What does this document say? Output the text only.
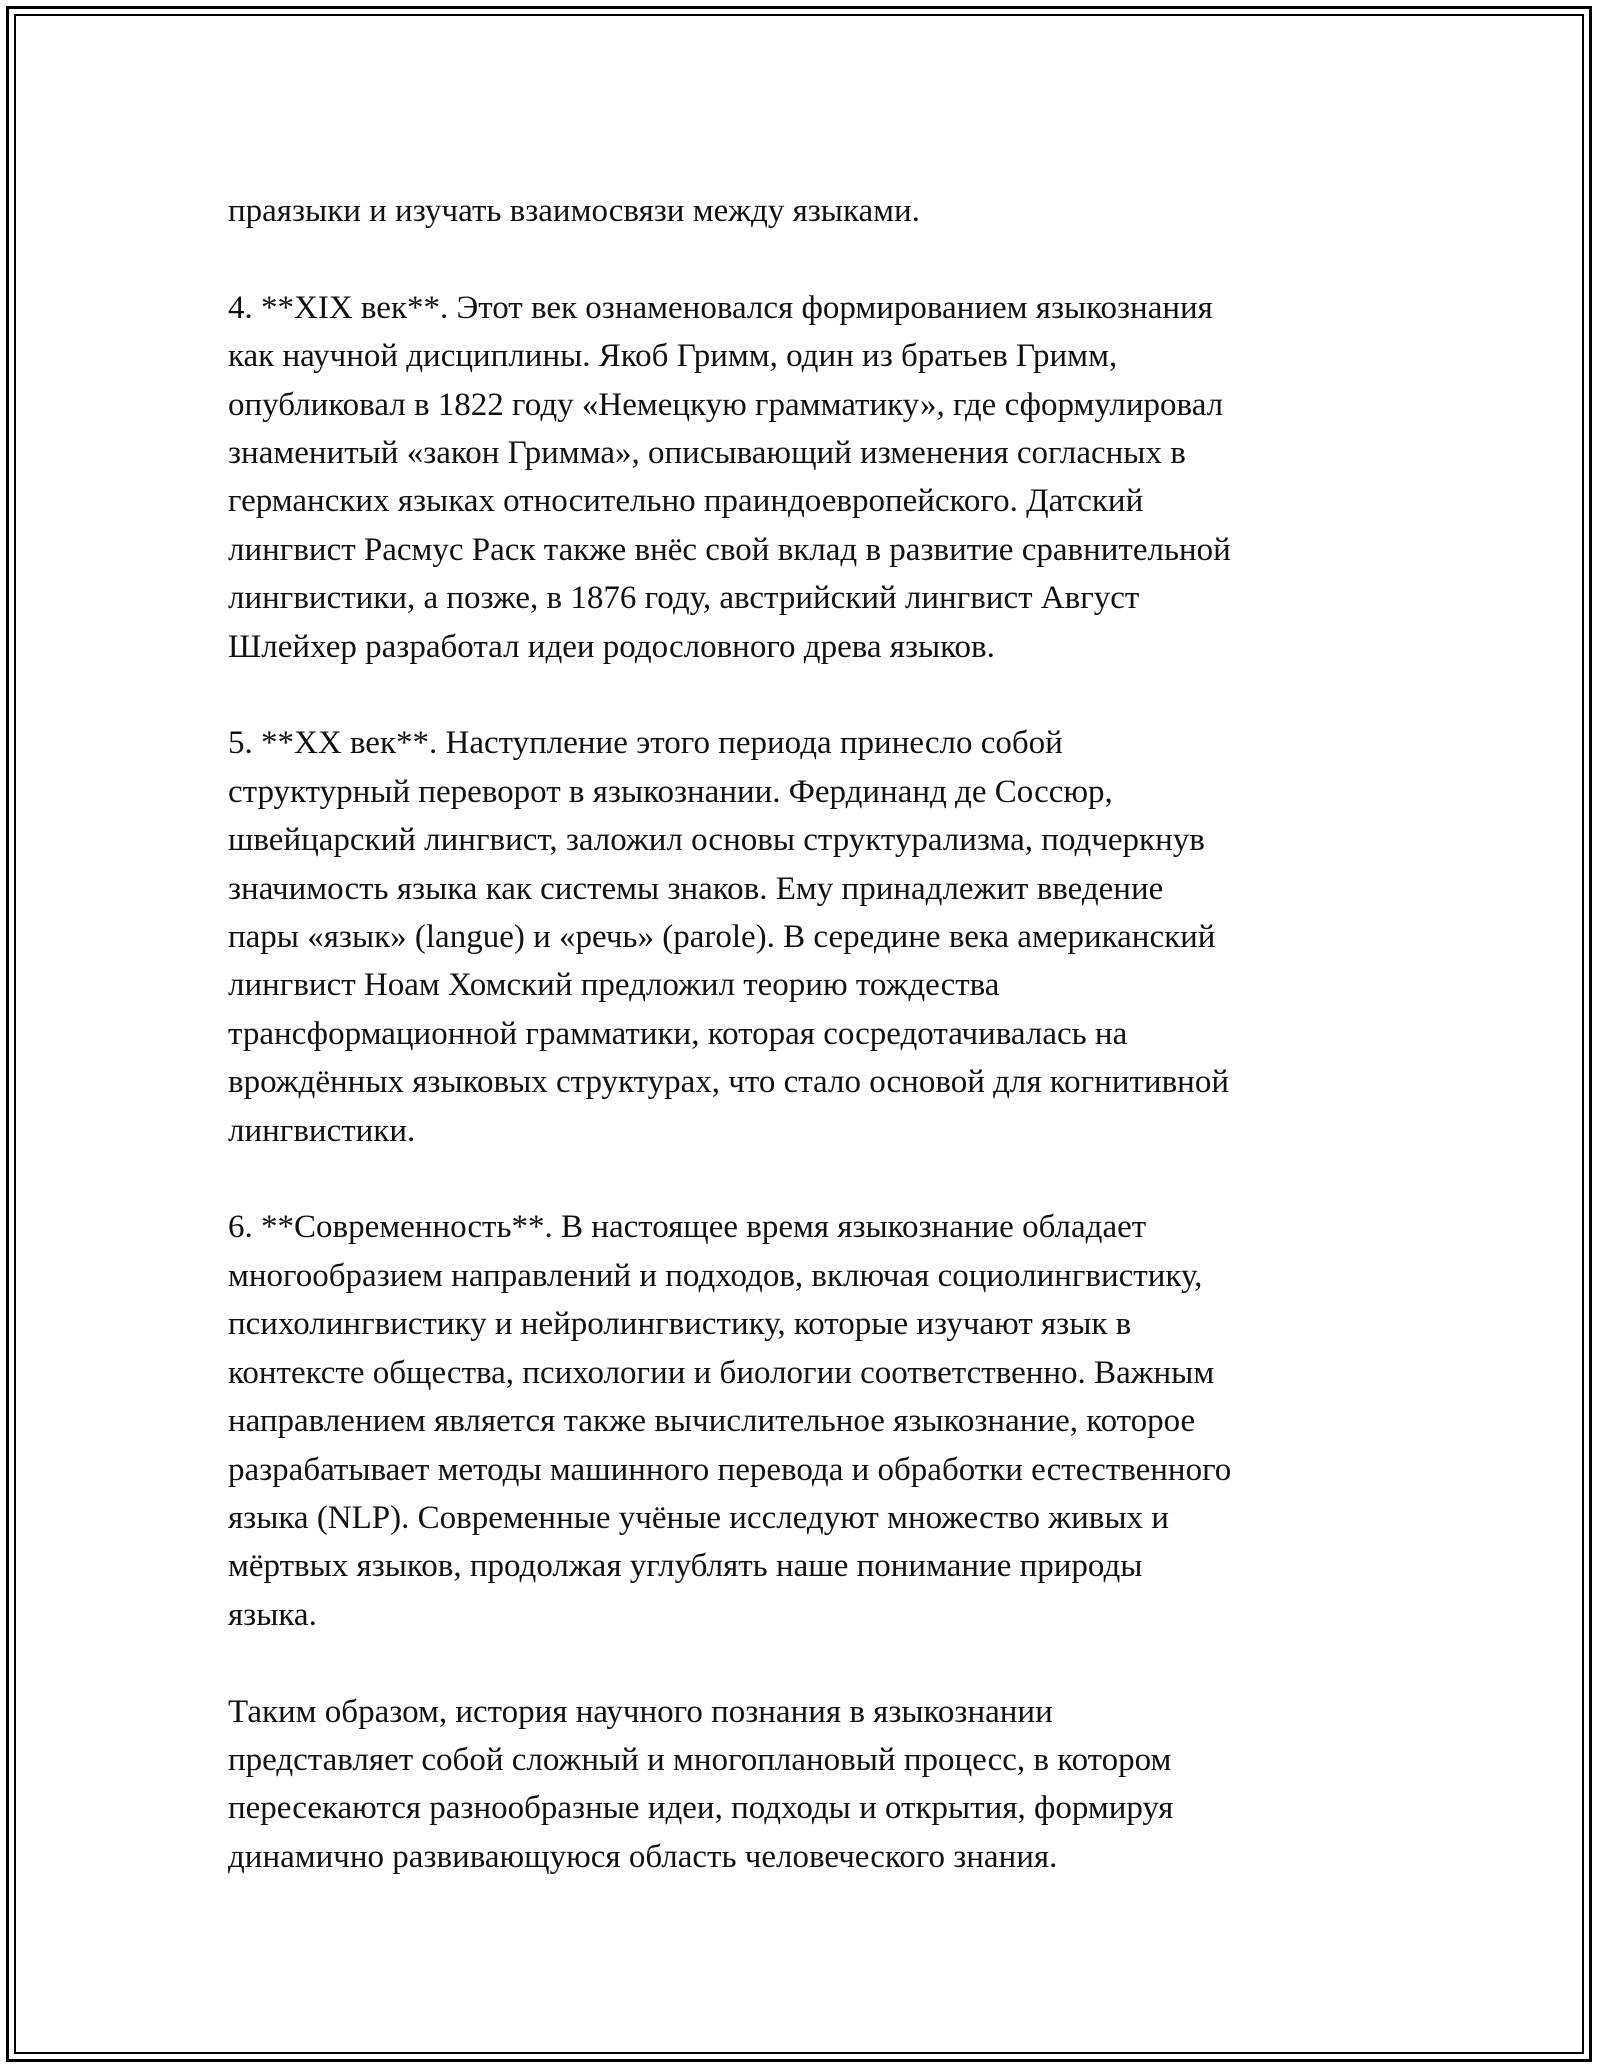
праязыки и изучать взаимосвязи между языками.

4. **XIX век**. Этот век ознаменовался формированием языкознания
как научной дисциплины. Якоб Гримм, один из братьев Гримм,
опубликовал в 1822 году «Немецкую грамматику», где сформулировал
знаменитый «закон Гримма», описывающий изменения согласных в
германских языках относительно праиндоевропейского. Датский
лингвист Расмус Раск также внёс свой вклад в развитие сравнительной
лингвистики, а позже, в 1876 году, австрийский лингвист Август
Шлейхер разработал идеи родословного древа языков.

5. **XX век**. Наступление этого периода принесло собой
структурный переворот в языкознании. Фердинанд де Соссюр,
швейцарский лингвист, заложил основы структурализма, подчеркнув
значимость языка как системы знаков. Ему принадлежит введение
пары «язык» (langue) и «речь» (parole). В середине века американский
лингвист Ноам Хомский предложил теорию тождества
трансформационной грамматики, которая сосредотачивалась на
врождённых языковых структурах, что стало основой для когнитивной
лингвистики.

6. **Современность**. В настоящее время языкознание обладает
многообразием направлений и подходов, включая социолингвистику,
психолингвистику и нейролингвистику, которые изучают язык в
контексте общества, психологии и биологии соответственно. Важным
направлением является также вычислительное языкознание, которое
разрабатывает методы машинного перевода и обработки естественного
языка (NLP). Современные учёные исследуют множество живых и
мёртвых языков, продолжая углублять наше понимание природы
языка.

Таким образом, история научного познания в языкознании
представляет собой сложный и многоплановый процесс, в котором
пересекаются разнообразные идеи, подходы и открытия, формируя
динамично развивающуюся область человеческого знания.
